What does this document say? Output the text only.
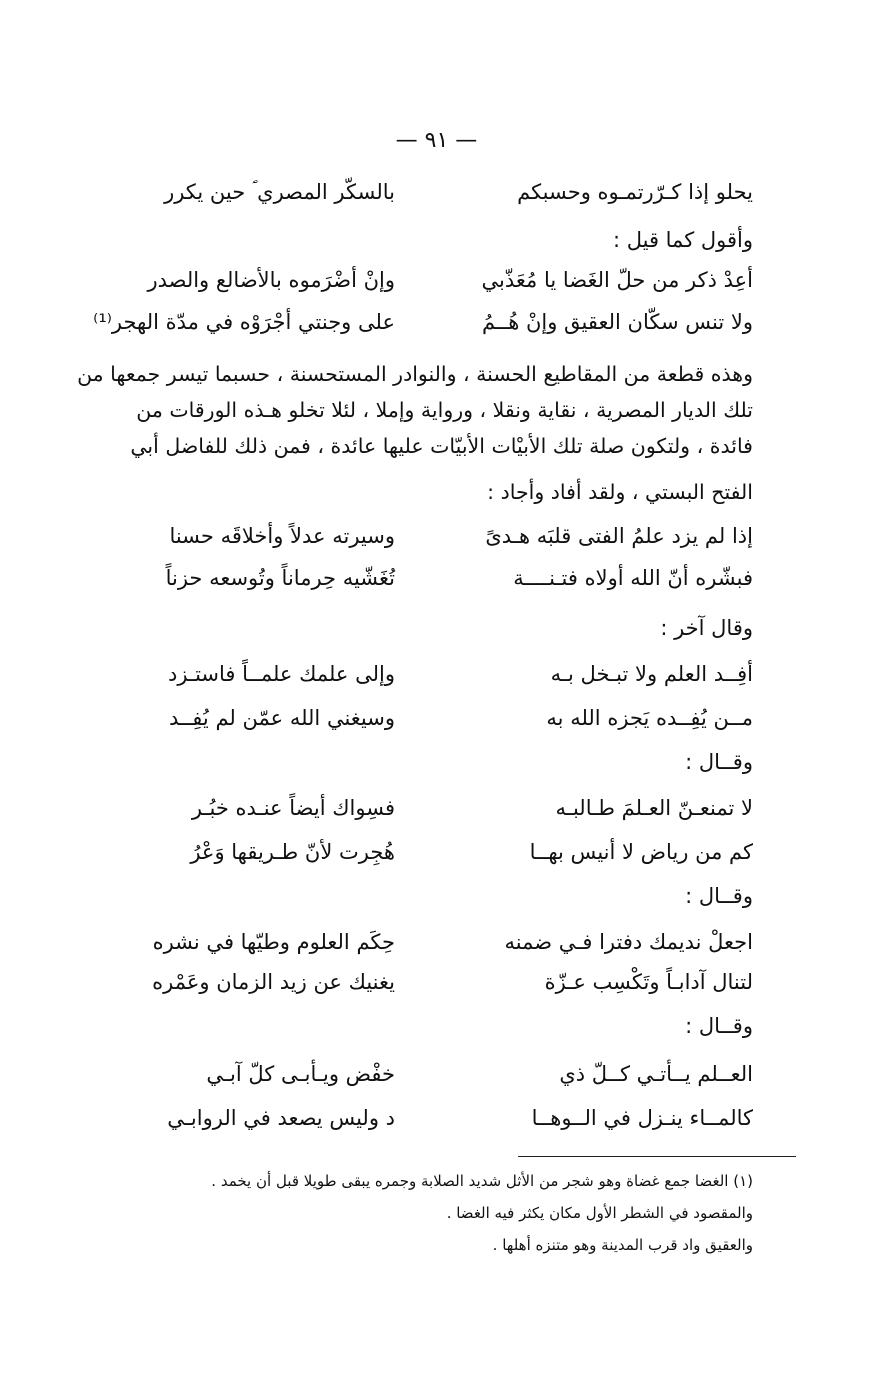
— ٩١ —
يحلو إذا كـرّرتمـوه وحسبكم
بالسكّر المصري ؐ حين يكرر
وأقول كما قيل :
أعِدْ ذكر من حلّ الغَضا يا مُعَذّبي
وإنْ أضْرَموه بالأضالع والصدر
ولا تنس سكّان العقيق وإنْ هُــمُ
على وجنتي أجْرَوْه في مدّة الهجر⁽¹⁾
وهذه قطعة من المقاطيع الحسنة ، والنوادر المستحسنة ، حسبما تيسر جمعها من
تلك الديار المصرية ، نقاية ونقلا ، ورواية وإملا ، لئلا تخلو هـذه الورقات من
فائدة ، ولتكون صلة تلك الأبيْات الأبيّات عليها عائدة ، فمن ذلك للفاضل أبي
الفتح البستي ، ولقد أفاد وأجاد :
إذا لم يزد علمُ الفتى قلبَه هـدىً
وسيرته عدلاً وأخلاقَه حسنا
فبشّره أنّ الله أولاه فتـنــــة
تُغَشّيه حِرماناً وتُوسعه حزناً
وقال آخر :
أفِــد العلم ولا تبـخل بـه
وإلى علمك علمــاً فاستـزد
مــن يُفِــده يَجزه الله به
وسيغني الله عمّن لم يُفِــد
وقــال :
لا تمنعـنّ العـلمَ طـالبـه
فسِواك أيضاً عنـده خبُـر
كم من رياض لا أنيس بهــا
هُجِرت لأنّ طـريقها وَعْرُ
وقــال :
اجعلْ نديمك دفترا فـي ضمنه
حِكَم العلوم وطيّها في نشره
لتنال آدابـاً وتَكْسِب عـزّة
يغنيك عن زيد الزمان وعَمْره
وقــال :
العــلم يــأتـي كــلّ ذي
خفْض ويـأبـى كلّ آبـي
كالمــاء ينـزل في الــوهــا
د وليس يصعد في الروابـي
(١) الغضا جمع غضاة وهو شجر من الأثل شديد الصلابة وجمره يبقى طويلا قبل أن يخمد .
والمقصود في الشطر الأول مكان يكثر فيه الغضا .
والعقيق واد قرب المدينة وهو متنزه أهلها .
